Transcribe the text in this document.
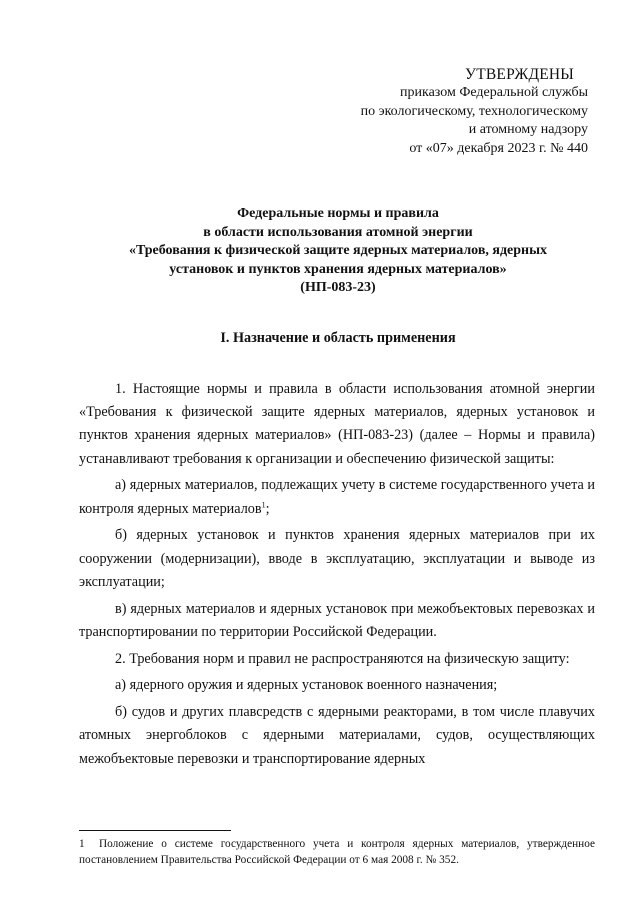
УТВЕРЖДЕНЫ
приказом Федеральной службы
по экологическому, технологическому
и атомному надзору
от «07» декабря 2023 г. № 440
Федеральные нормы и правила
в области использования атомной энергии
«Требования к физической защите ядерных материалов, ядерных
установок и пунктов хранения ядерных материалов»
(НП-083-23)
I. Назначение и область применения

1. Настоящие нормы и правила в области использования атомной энергии «Требования к физической защите ядерных материалов, ядерных установок и пунктов хранения ядерных материалов» (НП-083-23) (далее – Нормы и правила) устанавливают требования к организации и обеспечению физической защиты:

а) ядерных материалов, подлежащих учету в системе государственного учета и контроля ядерных материалов$^1$;

б) ядерных установок и пунктов хранения ядерных материалов при их сооружении (модернизации), вводе в эксплуатацию, эксплуатации и выводе из эксплуатации;

в) ядерных материалов и ядерных установок при межобъектовых перевозках и транспортировании по территории Российской Федерации.

2. Требования норм и правил не распространяются на физическую защиту:

а) ядерного оружия и ядерных установок военного назначения;

б) судов и других плавсредств с ядерными реакторами, в том числе плавучих атомных энергоблоков с ядерными материалами, судов, осуществляющих межобъектовые перевозки и транспортирование ядерных

1 Положение о системе государственного учета и контроля ядерных материалов, утвержденное постановлением Правительства Российской Федерации от 6 мая 2008 г. № 352.
